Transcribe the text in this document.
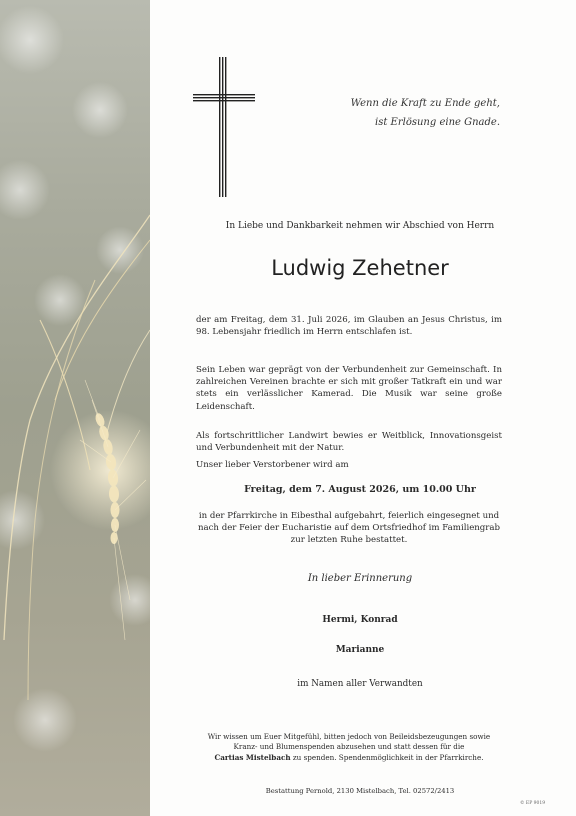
Wenn die Kraft zu Ende geht,
ist Erlösung eine Gnade.
In Liebe und Dankbarkeit nehmen wir Abschied von Herrn
Ludwig Zehetner
der am Freitag, dem 31. Juli 2026, im Glauben an Jesus Christus, im 98. Lebensjahr friedlich im Herrn entschlafen ist.
Sein Leben war geprägt von der Verbundenheit zur Gemeinschaft. In zahlreichen Vereinen brachte er sich mit großer Tatkraft ein und war stets ein verlässlicher Kamerad. Die Musik war seine große Leidenschaft.
Als fortschrittlicher Landwirt bewies er Weitblick, Innovationsgeist und Verbundenheit mit der Natur.
Unser lieber Verstorbener wird am
Freitag, dem 7. August 2026, um 10.00 Uhr
in der Pfarrkirche in Eibesthal aufgebahrt, feierlich eingesegnet und nach der Feier der Eucharistie auf dem Ortsfriedhof im Familiengrab zur letzten Ruhe bestattet.
In lieber Erinnerung
Hermi, Konrad
Marianne
im Namen aller Verwandten
Wir wissen um Euer Mitgefühl, bitten jedoch von Beileidsbezeugungen sowie
Kranz- und Blumenspenden abzusehen und statt dessen für die
Cartias Mistelbach zu spenden. Spendenmöglichkeit in der Pfarrkirche.
Bestattung Pernold, 2130 Mistelbach, Tel. 02572/2413
© EP 9019
